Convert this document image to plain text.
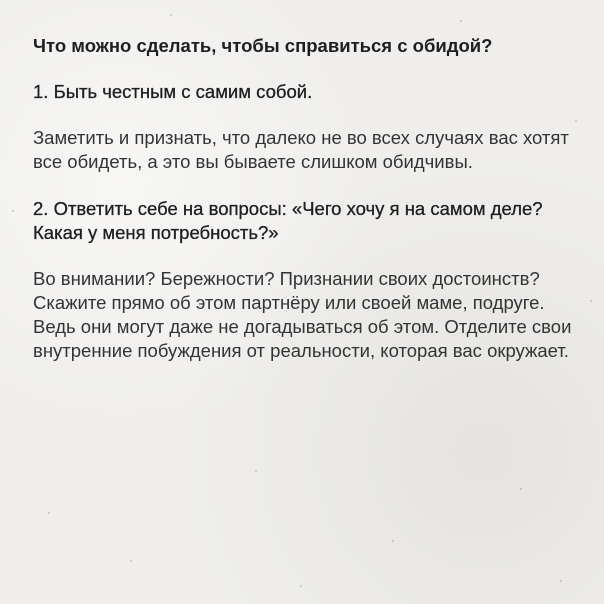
Что можно сделать, чтобы справиться с обидой?
1. Быть честным с самим собой.
Заметить и признать, что далеко не во всех случаях вас хотят все обидеть, а это вы бываете слишком обидчивы.
2. Ответить себе на вопросы: «Чего хочу я на самом деле? Какая у меня потребность?»
Во внимании? Бережности? Признании своих достоинств? Скажите прямо об этом партнёру или своей маме, подруге. Ведь они могут даже не догадываться об этом. Отделите свои внутренние побуждения от реальности, которая вас окружает.
